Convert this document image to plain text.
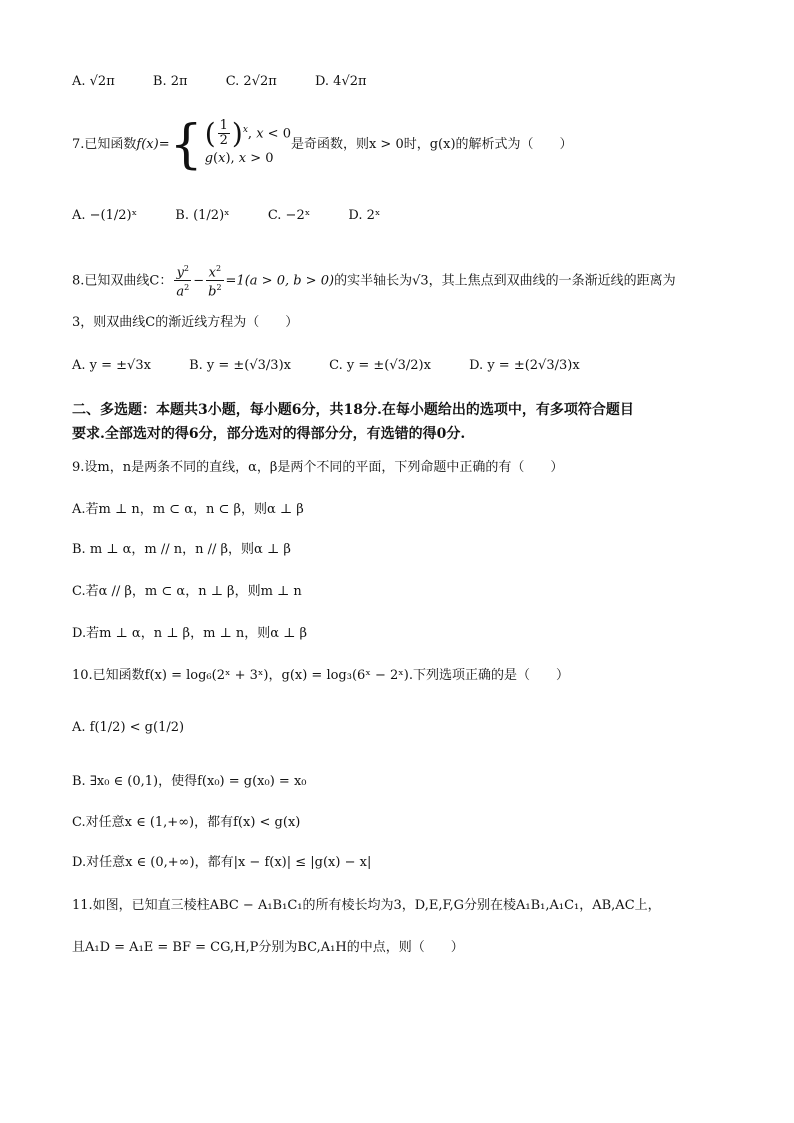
A. √2π	B. 2π	C. 2√2π	D. 4√2π
7.已知函数f(x)={ ( $\frac{1}{2} )^x$, x < 0
g(x), x > 0
是奇函数，则x > 0时，g(x)的解析式为（　　）
A. −(1/2)ˣ	B. (1/2)ˣ	C. −2ˣ	D. 2ˣ
8.已知双曲线C： $\frac{y^2}{a^2} - \frac{x^2}{b^2} =1(a > 0$, b > 0)的实半轴长为√3，其上焦点到双曲线的一条渐近线的距离为
3，则双曲线C的渐近线方程为（　　）
A. y = ±√3x	B. y = ±(√3/3)x	C. y = ±(√3/2)x	D. y = ±(2√3/3)x
二、多选题：本题共3小题，每小题6分，共18分.在每小题给出的选项中，有多项符合题目
要求.全部选对的得6分，部分选对的得部分分，有选错的得0分.
9.设m，n是两条不同的直线，α，β是两个不同的平面，下列命题中正确的有（　　）
A.若m ⊥ n，m ⊂ α，n ⊂ β，则α ⊥ β
B. m ⊥ α，m // n，n // β，则α ⊥ β
C.若α // β，m ⊂ α，n ⊥ β，则m ⊥ n
D.若m ⊥ α，n ⊥ β，m ⊥ n，则α ⊥ β
10.已知函数f(x) = log₆(2ˣ + 3ˣ)，g(x) = log₃(6ˣ − 2ˣ).下列选项正确的是（　　）
A. f(1/2) < g(1/2)
B. ∃x₀ ∈ (0,1)，使得f(x₀) = g(x₀) = x₀
C.对任意x ∈ (1,+∞)，都有f(x) < g(x)
D.对任意x ∈ (0,+∞)，都有|x − f(x)| ≤ |g(x) − x|
11.如图，已知直三棱柱ABC − A₁B₁C₁的所有棱长均为3，D,E,F,G分别在棱A₁B₁,A₁C₁，AB,AC上，
且A₁D = A₁E = BF = CG,H,P分别为BC,A₁H的中点，则（　　）
